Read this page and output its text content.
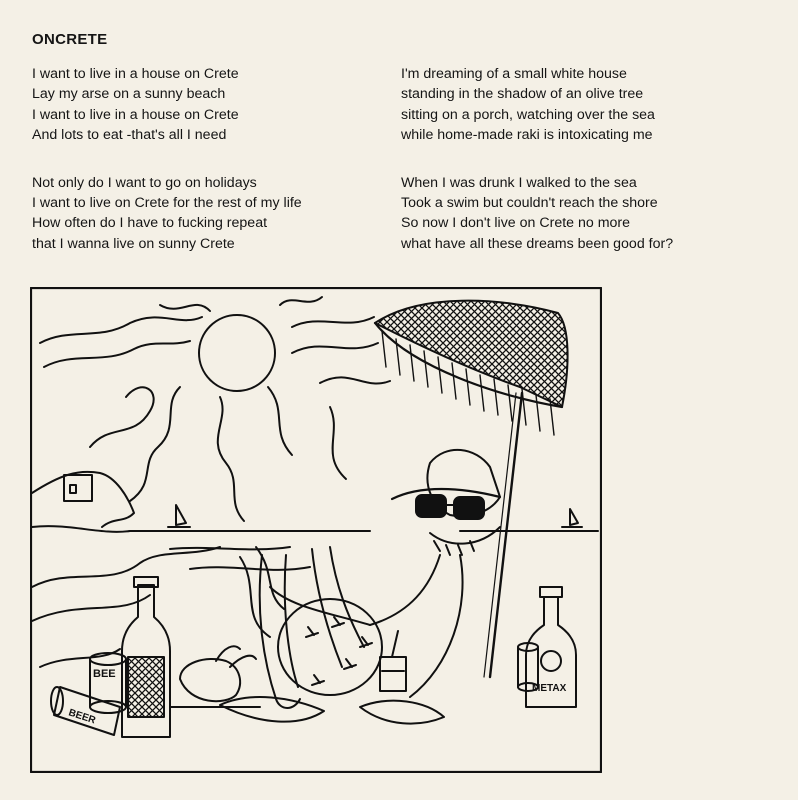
ONCRETE
I want to live in a house on Crete
Lay my arse on a sunny beach
I want to live in a house on Crete
And lots to eat -that's all I need
Not only do I want to go on holidays
I want to live on Crete for the rest of my life
How often do I have to fucking repeat
that I wanna live on sunny Crete
I'm dreaming of a small white house
standing in the shadow of an olive tree
sitting on a porch, watching over the sea
while home-made raki is intoxicating me
When I was drunk I walked to the sea
Took a swim but couldn't reach the shore
So now I don't live on Crete no more
what have all these dreams been good for?
BEE
BEER
METAX
